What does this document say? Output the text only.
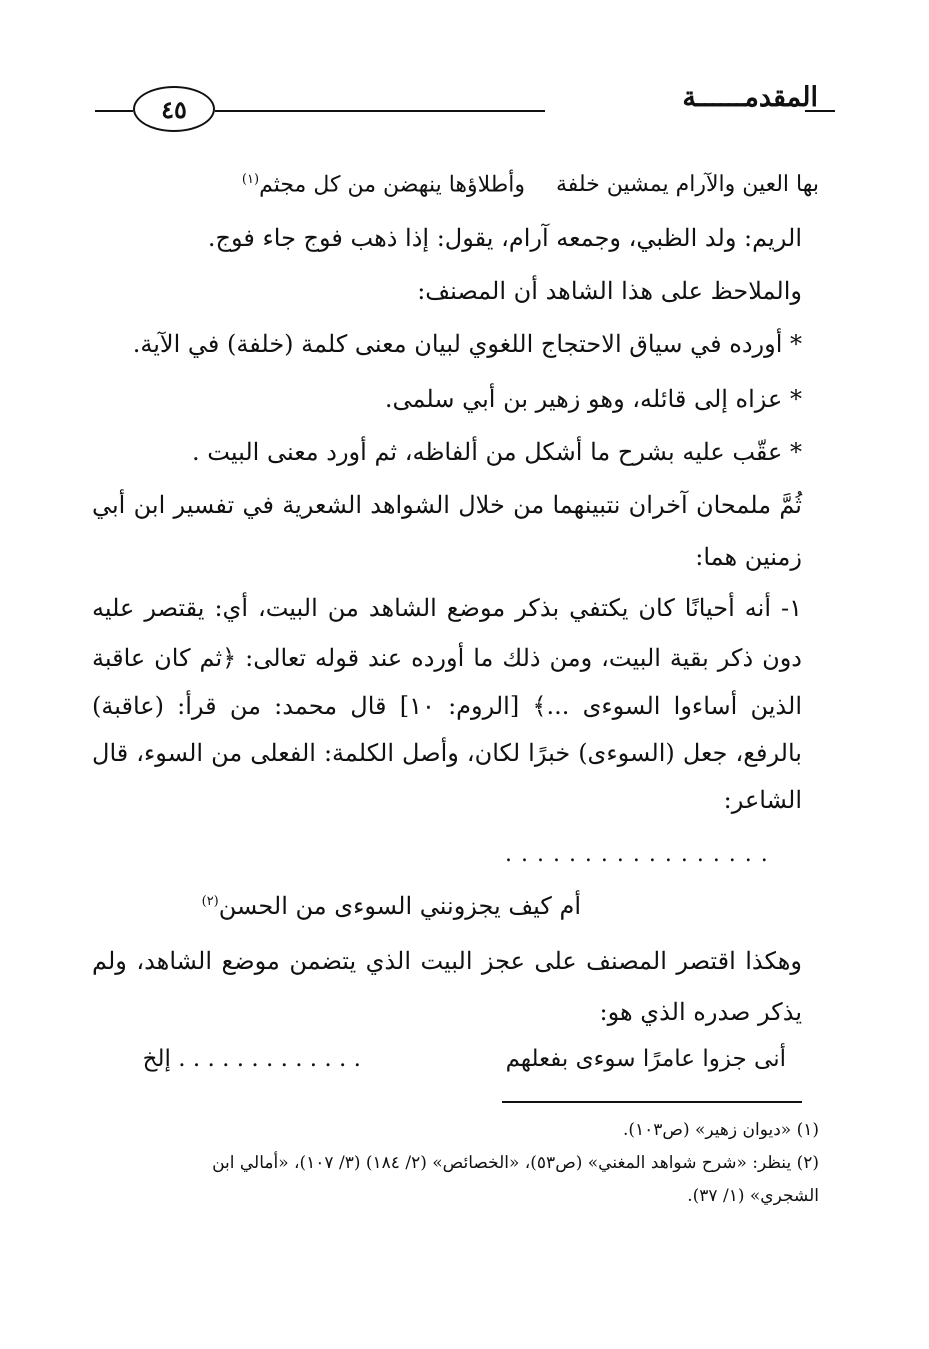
المقدمــــــة
٤٥
بها العين والآرام يمشين خلفة
وأطلاؤها ينهضن من كل مجثم$^{(١)}$
الريم: ولد الظبي، وجمعه آرام، يقول: إذا ذهب فوج جاء فوج.
والملاحظ على هذا الشاهد أن المصنف:
* أورده في سياق الاحتجاج اللغوي لبيان معنى كلمة (خلفة) في الآية.
* عزاه إلى قائله، وهو زهير بن أبي سلمى.
* عقّب عليه بشرح ما أشكل من ألفاظه، ثم أورد معنى البيت .
ثُمَّ ملمحان آخران نتبينهما من خلال الشواهد الشعرية في تفسير ابن أبي
زمنين هما:
١- أنه أحيانًا كان يكتفي بذكر موضع الشاهد من البيت، أي: يقتصر عليه
دون ذكر بقية البيت، ومن ذلك ما أورده عند قوله تعالى: ﴿ثم كان عاقبة
الذين أساءوا السوءى ...﴾ [الروم: ١٠] قال محمد: من قرأ: (عاقبة)
بالرفع، جعل (السوءى) خبرًا لكان، وأصل الكلمة: الفعلى من السوء، قال
الشاعر:
. . . . . . . . . . . . . . . . .
أم كيف يجزونني السوءى من الحسن$^{(٢)}$
وهكذا اقتصر المصنف على عجز البيت الذي يتضمن موضع الشاهد، ولم
يذكر صدره الذي هو:
أنى جزوا عامرًا سوءى بفعلهم
. . . . . . . . . . . . . إلخ
(١) «ديوان زهير» (ص١٠٣).
(٢) ينظر: «شرح شواهد المغني» (ص٥٣)، «الخصائص» (٢/ ١٨٤) (٣/ ١٠٧)، «أمالي ابن
الشجري» (١/ ٣٧).
